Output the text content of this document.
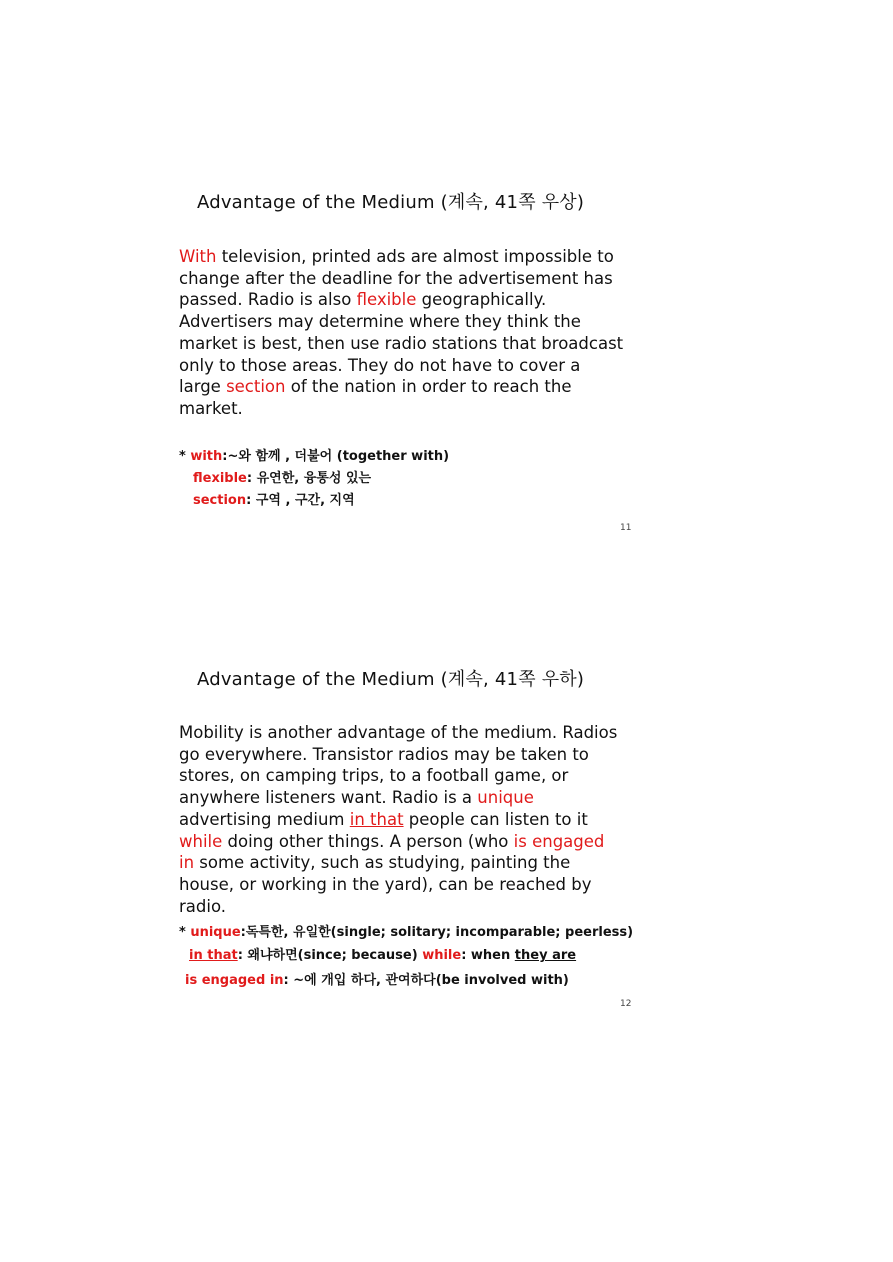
Advantage of the Medium (계속, 41쪽 우상)
With television, printed ads are almost impossible to
change after the deadline for the advertisement has
passed. Radio is also flexible geographically.
Advertisers may determine where they think the
market is best, then use radio stations that broadcast
only to those areas. They do not have to cover a
large section of the nation in order to reach the
market.
* with:~와 함께 , 더불어 (together with)
flexible: 유연한, 융통성 있는
section: 구역 , 구간, 지역
11
Advantage of the Medium (계속, 41쪽 우하)
Mobility is another advantage of the medium. Radios
go everywhere. Transistor radios may be taken to
stores, on camping trips, to a football game, or
anywhere listeners want. Radio is a unique
advertising medium in that people can listen to it
while doing other things. A person (who is engaged
in some activity, such as studying, painting the
house, or working in the yard), can be reached by
radio.
* unique:독특한, 유일한(single; solitary; incomparable; peerless)
in that: 왜냐하면(since; because) while: when they are
is engaged in: ~에 개입 하다, 관여하다(be involved with)
12
